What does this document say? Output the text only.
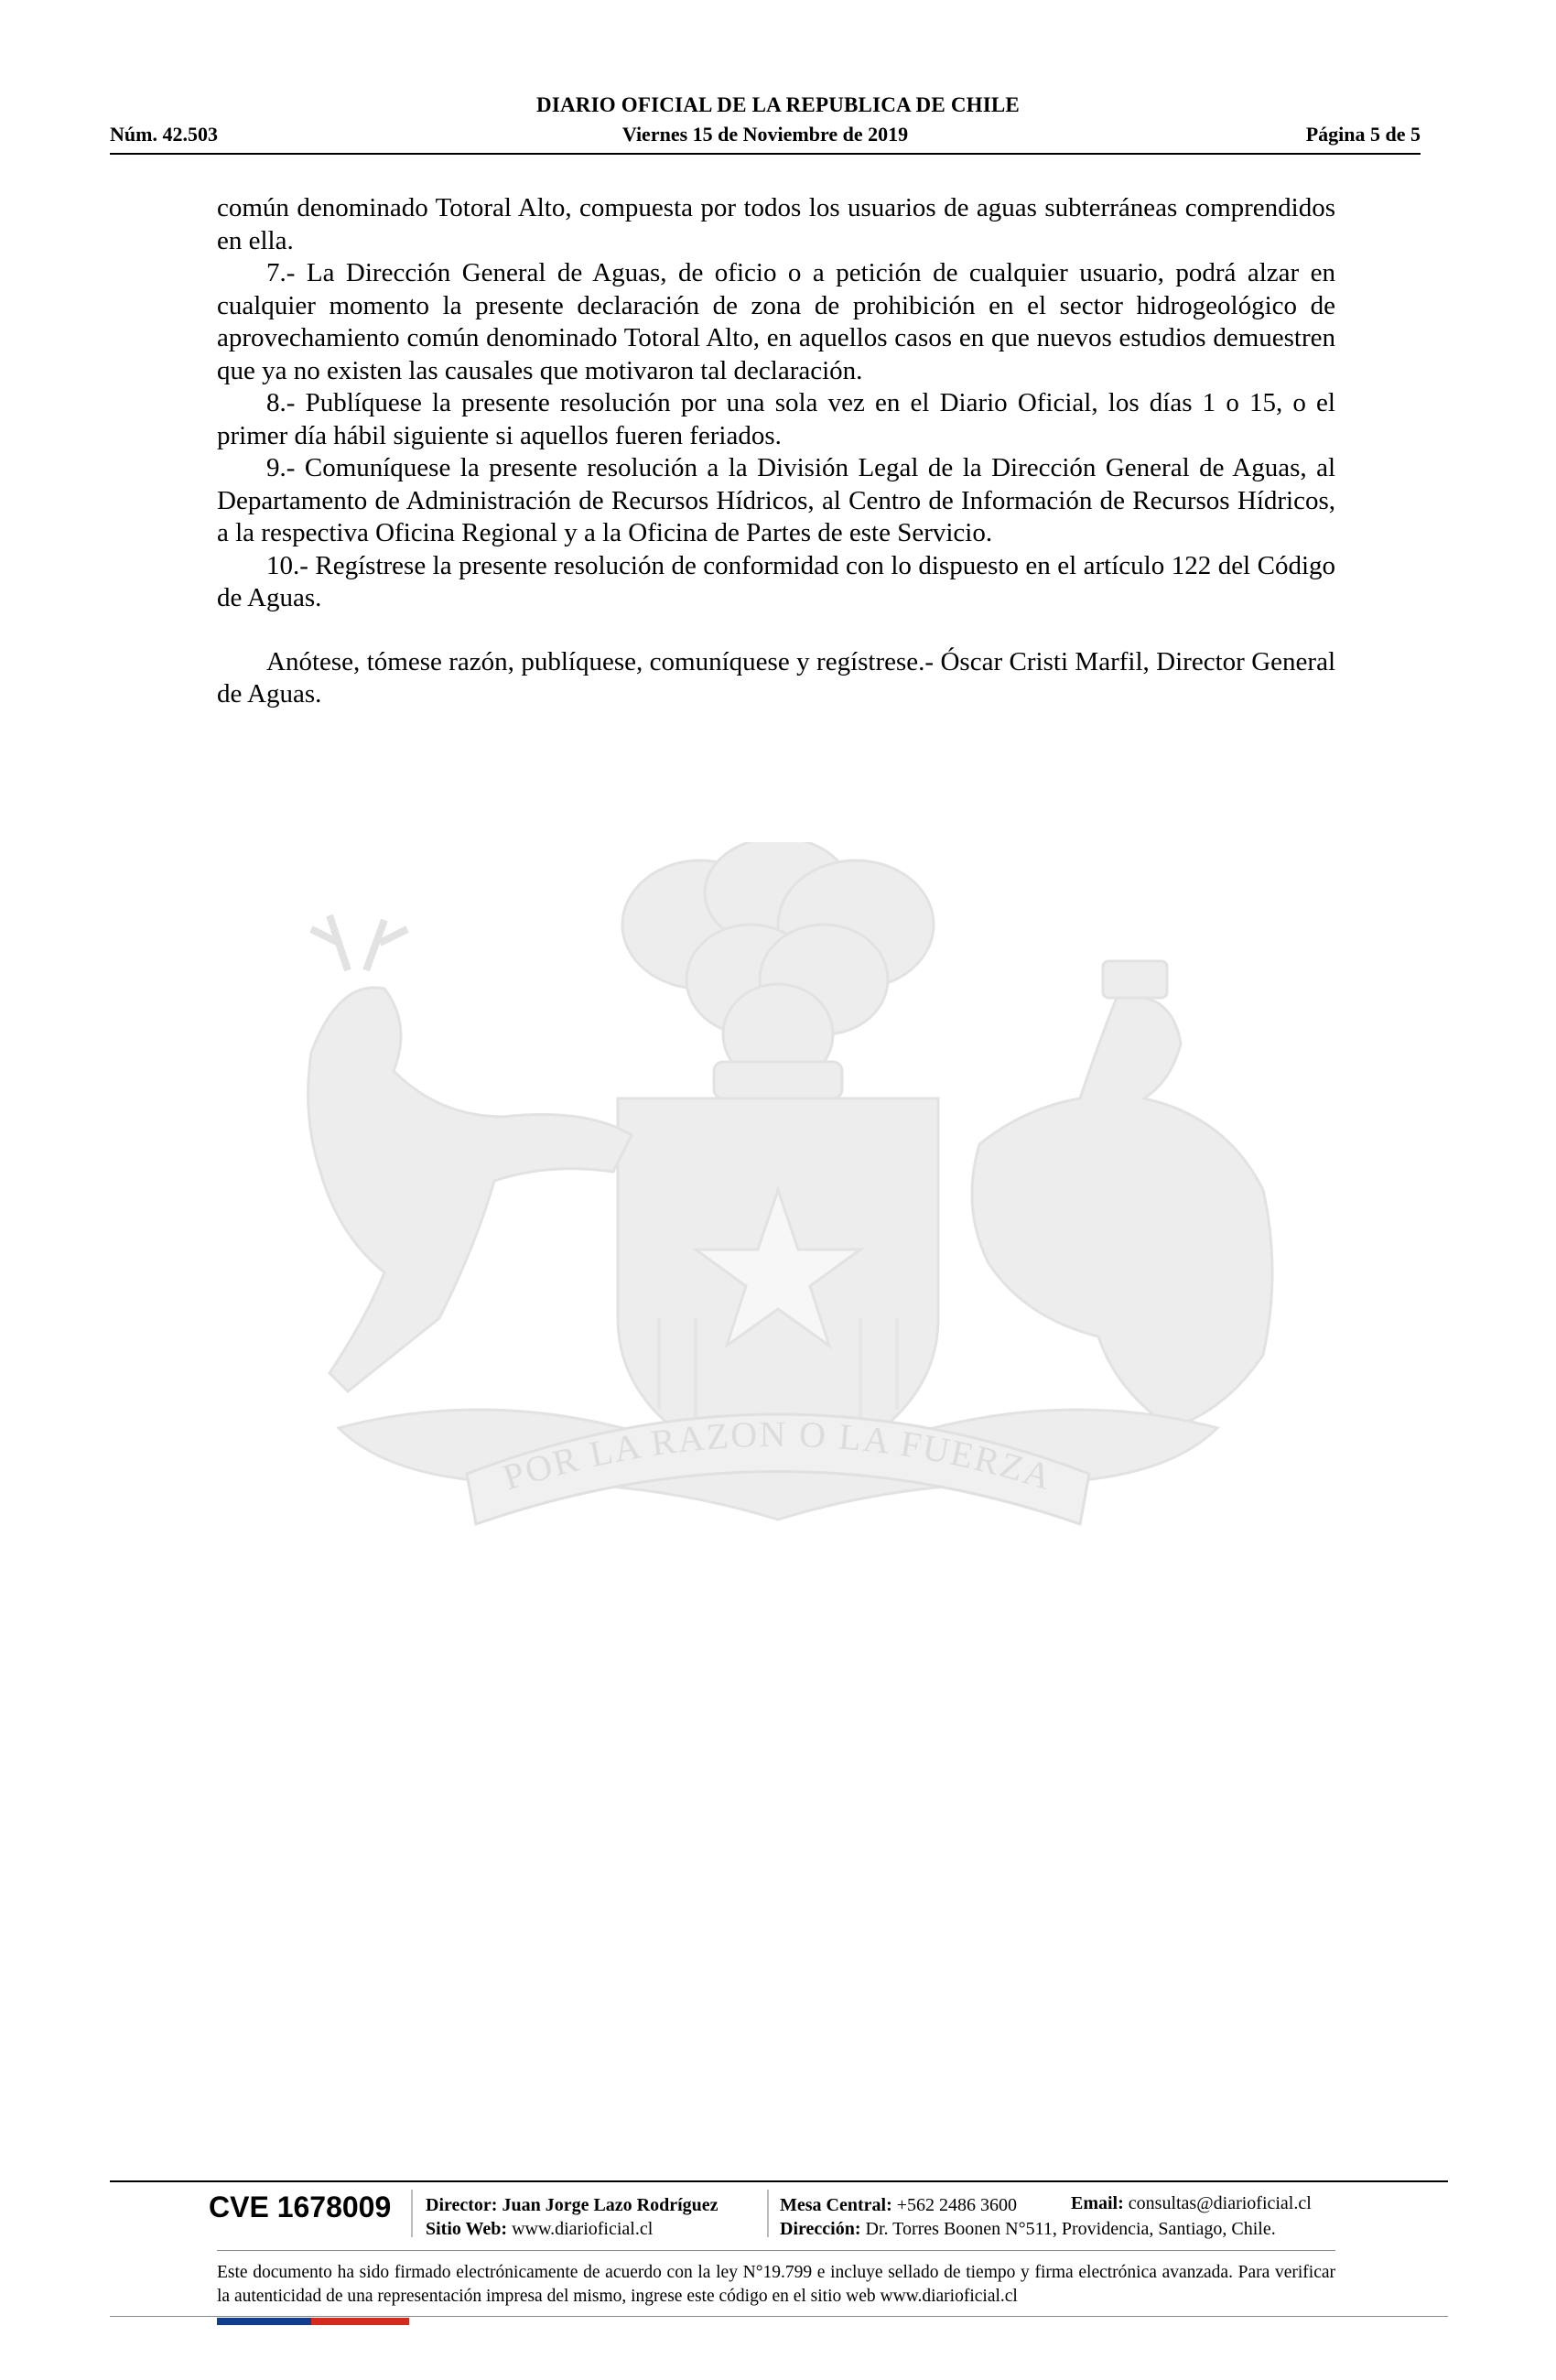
DIARIO OFICIAL DE LA REPUBLICA DE CHILE
Núm. 42.503	Viernes 15 de Noviembre de 2019	Página 5 de 5
POR LA RAZON O LA FUERZA

común denominado Totoral Alto, compuesta por todos los usuarios de aguas subterráneas comprendidos en ella.

7.- La Dirección General de Aguas, de oficio o a petición de cualquier usuario, podrá alzar en cualquier momento la presente declaración de zona de prohibición en el sector hidrogeológico de aprovechamiento común denominado Totoral Alto, en aquellos casos en que nuevos estudios demuestren que ya no existen las causales que motivaron tal declaración.

8.- Publíquese la presente resolución por una sola vez en el Diario Oficial, los días 1 o 15, o el primer día hábil siguiente si aquellos fueren feriados.

9.- Comuníquese la presente resolución a la División Legal de la Dirección General de Aguas, al Departamento de Administración de Recursos Hídricos, al Centro de Información de Recursos Hídricos, a la respectiva Oficina Regional y a la Oficina de Partes de este Servicio.

10.- Regístrese la presente resolución de conformidad con lo dispuesto en el artículo 122 del Código de Aguas.

Anótese, tómese razón, publíquese, comuníquese y regístrese.- Óscar Cristi Marfil, Director General de Aguas.

CVE 1678009 Director: Juan Jorge Lazo Rodríguez
Sitio Web: www.diarioficial.cl
Mesa Central: +562 2486 3600
Dirección: Dr. Torres Boonen N°511, Providencia, Santiago, Chile.
Email: consultas@diarioficial.cl
Este documento ha sido firmado electrónicamente de acuerdo con la ley N°19.799 e incluye sellado de tiempo y firma electrónica avanzada. Para verificar la autenticidad de una representación impresa del mismo, ingrese este código en el sitio web www.diarioficial.cl
